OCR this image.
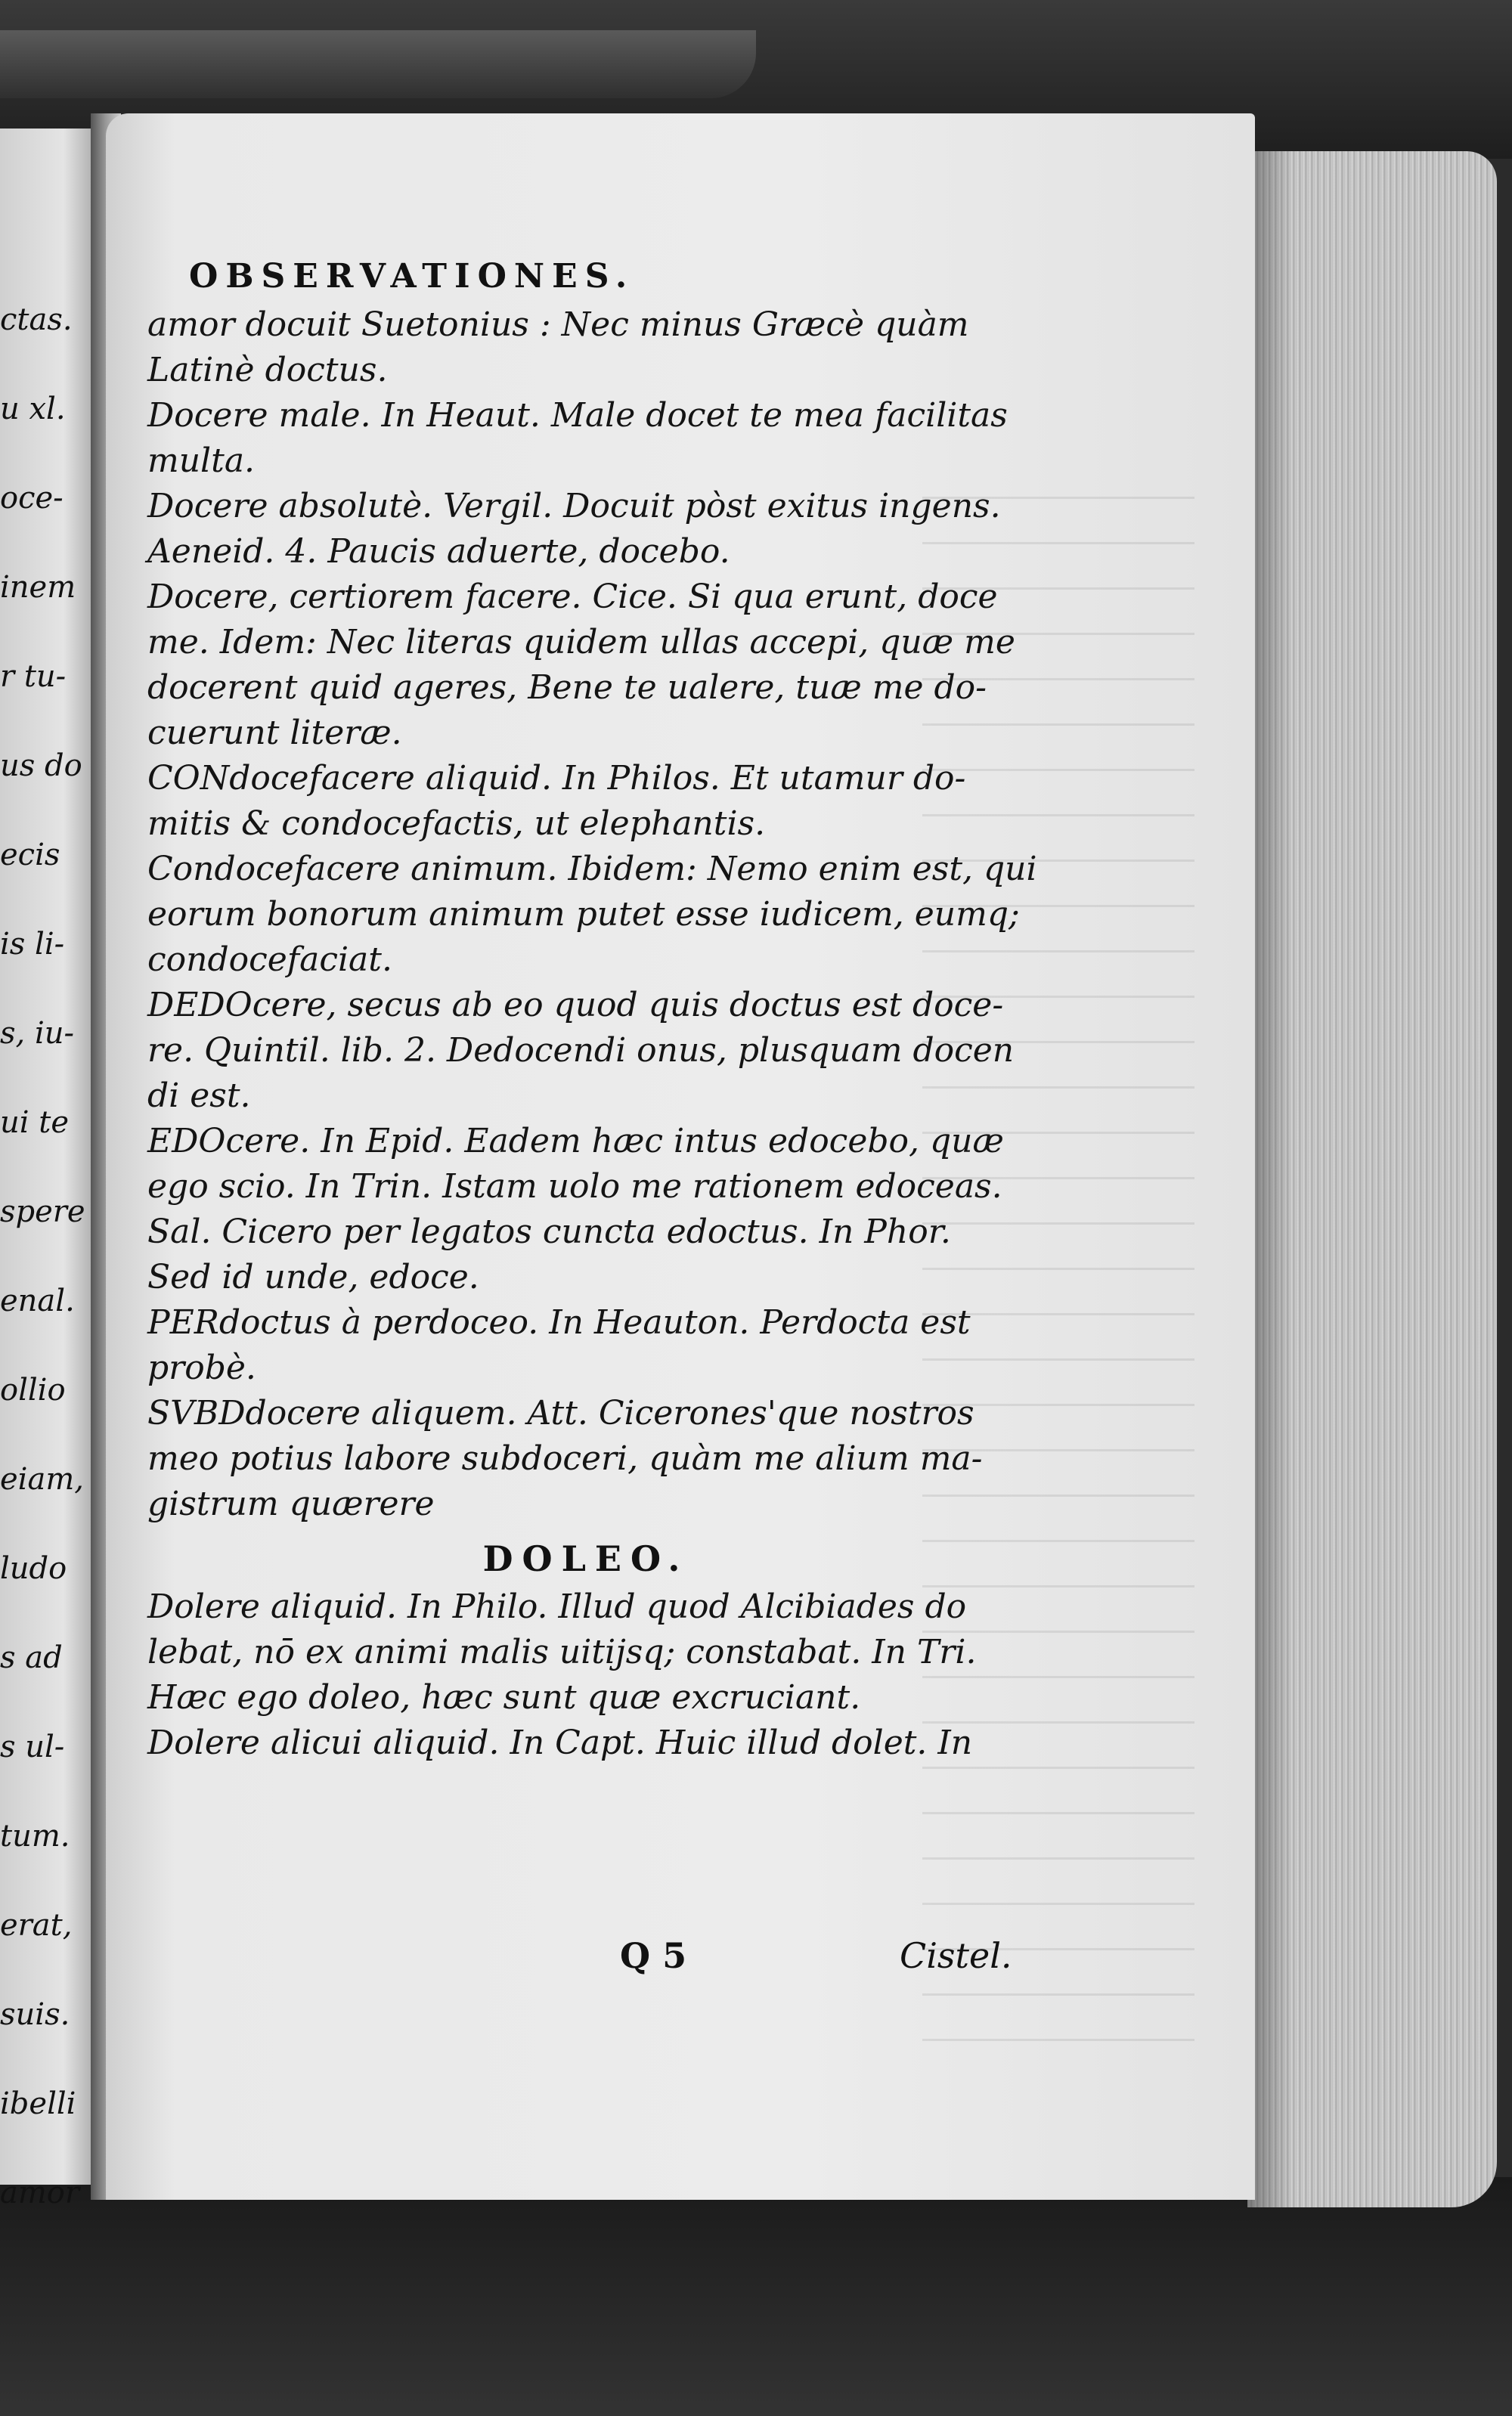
ctas.
u xl.
oce-
inem
r tu-
us do
ecis
is li-
s, iu-
ui te
spere
enal.
ollio
eiam,
ludo
s ad
s ul-
tum.
erat,
suis.
ibelli
amor
OBSERVATIONES.
amor docuit Suetonius : Nec minus Græcè quàm
Latinè doctus.
Docere male. In Heaut. Male docet te mea facilitas
multa.
Docere absolutè. Vergil. Docuit pòst exitus ingens.
Aeneid. 4. Paucis aduerte, docebo.
Docere, certiorem facere. Cice. Si qua erunt, doce
me. Idem: Nec literas quidem ullas accepi, quæ me
docerent quid ageres, Bene te ualere, tuæ me do-
cuerunt literæ.
CONdocefacere aliquid. In Philos. Et utamur do-
mitis & condocefactis, ut elephantis.
Condocefacere animum. Ibidem: Nemo enim est, qui
eorum bonorum animum putet esse iudicem, eumq;
condocefaciat.
DEDOcere, secus ab eo quod quis doctus est doce-
re. Quintil. lib. 2. Dedocendi onus, plusquam docen
di est.
EDOcere. In Epid. Eadem hæc intus edocebo, quæ
ego scio. In Trin. Istam uolo me rationem edoceas.
Sal. Cicero per legatos cuncta edoctus. In Phor.
Sed id unde, edoce.
PERdoctus à perdoceo. In Heauton. Perdocta est
probè.
SVBDdocere aliquem. Att. Cicerones'que nostros
meo potius labore subdoceri, quàm me alium ma-
gistrum quærere
DOLEO.
Dolere aliquid. In Philo. Illud quod Alcibiades do
lebat, nō ex animi malis uitijsq; constabat. In Tri.
Hæc ego doleo, hæc sunt quæ excruciant.
Dolere alicui aliquid. In Capt. Huic illud dolet. In
Q 5	Cistel.
